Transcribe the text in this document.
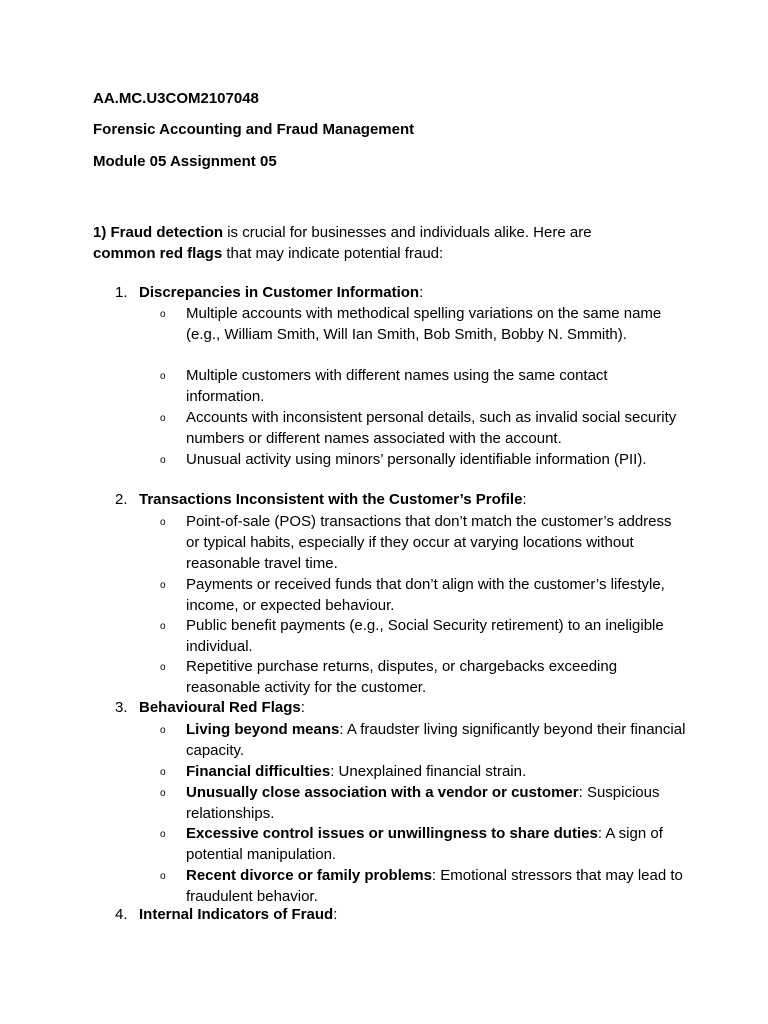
AA.MC.U3COM2107048
Forensic Accounting and Fraud Management
Module 05 Assignment 05
1) Fraud detection is crucial for businesses and individuals alike. Here are
common red flags that may indicate potential fraud:
1. Discrepancies in Customer Information:
o	Multiple accounts with methodical spelling variations on the same name (e.g., William Smith, Will Ian Smith, Bob Smith, Bobby N. Smmith).
o	Multiple customers with different names using the same contact information.
o	Accounts with inconsistent personal details, such as invalid social security numbers or different names associated with the account.
o	Unusual activity using minors’ personally identifiable information (PII).
2. Transactions Inconsistent with the Customer’s Profile:
o	Point-of-sale (POS) transactions that don’t match the customer’s address or typical habits, especially if they occur at varying locations without reasonable travel time.
o	Payments or received funds that don’t align with the customer’s lifestyle, income, or expected behaviour.
o	Public benefit payments (e.g., Social Security retirement) to an ineligible individual.
o	Repetitive purchase returns, disputes, or chargebacks exceeding reasonable activity for the customer.
3. Behavioural Red Flags:
o	Living beyond means: A fraudster living significantly beyond their financial capacity.
o	Financial difficulties: Unexplained financial strain.
o	Unusually close association with a vendor or customer: Suspicious relationships.
o	Excessive control issues or unwillingness to share duties: A sign of potential manipulation.
o	Recent divorce or family problems: Emotional stressors that may lead to fraudulent behavior.
4. Internal Indicators of Fraud:
